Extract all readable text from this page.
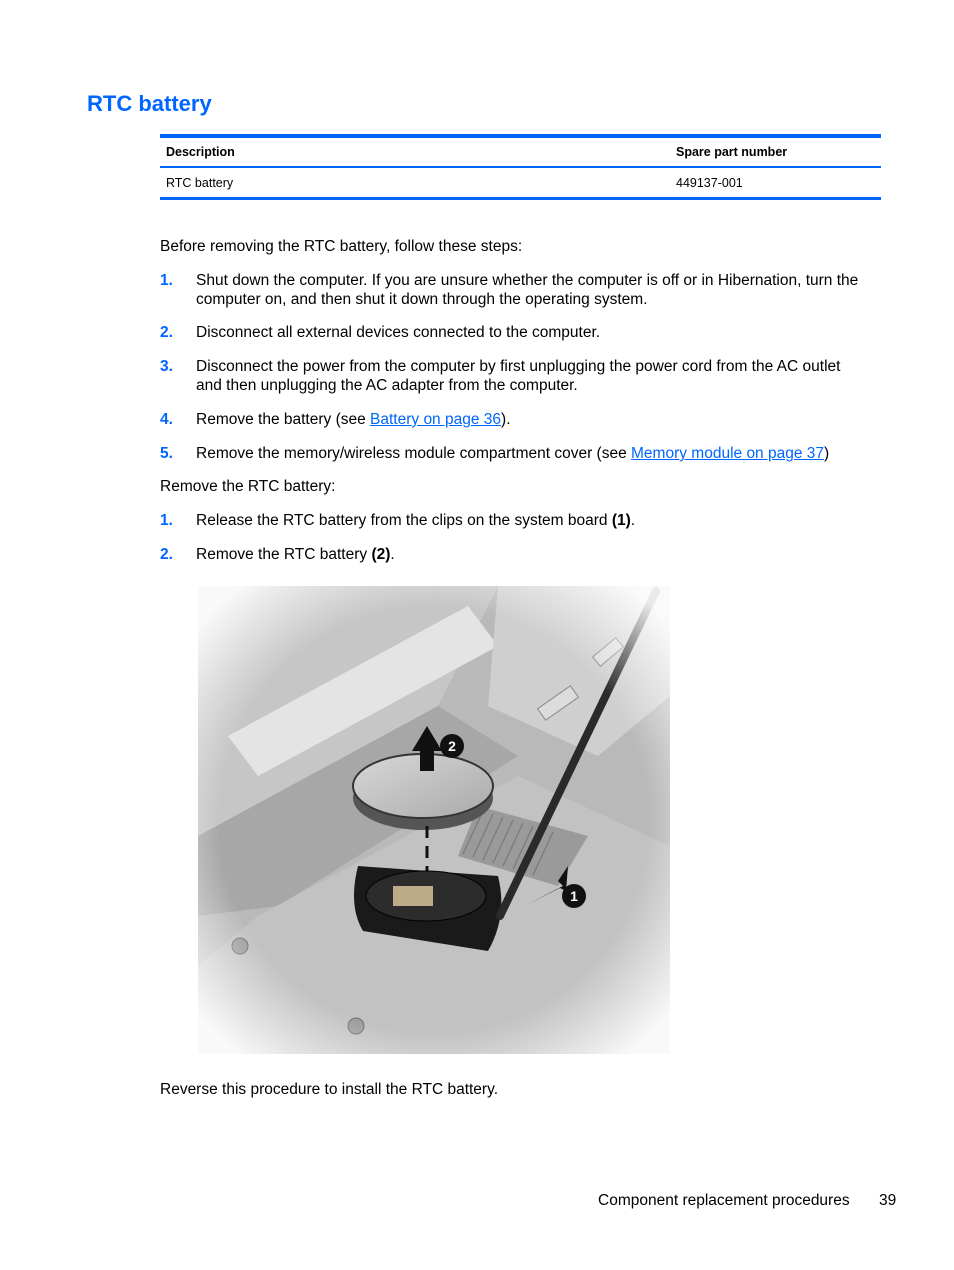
RTC battery
Description	Spare part number
RTC battery	449137-001

Before removing the RTC battery, follow these steps:

1. Shut down the computer. If you are unsure whether the computer is off or in Hibernation, turn the computer on, and then shut it down through the operating system.
2. Disconnect all external devices connected to the computer.
3. Disconnect the power from the computer by first unplugging the power cord from the AC outlet and then unplugging the AC adapter from the computer.
4. Remove the battery (see Battery on page 36).
5. Remove the memory/wireless module compartment cover (see Memory module on page 37)

Remove the RTC battery:

1. Release the RTC battery from the clips on the system board (1).
2. Remove the RTC battery (2).

Reverse this procedure to install the RTC battery.

Component replacement procedures 39
